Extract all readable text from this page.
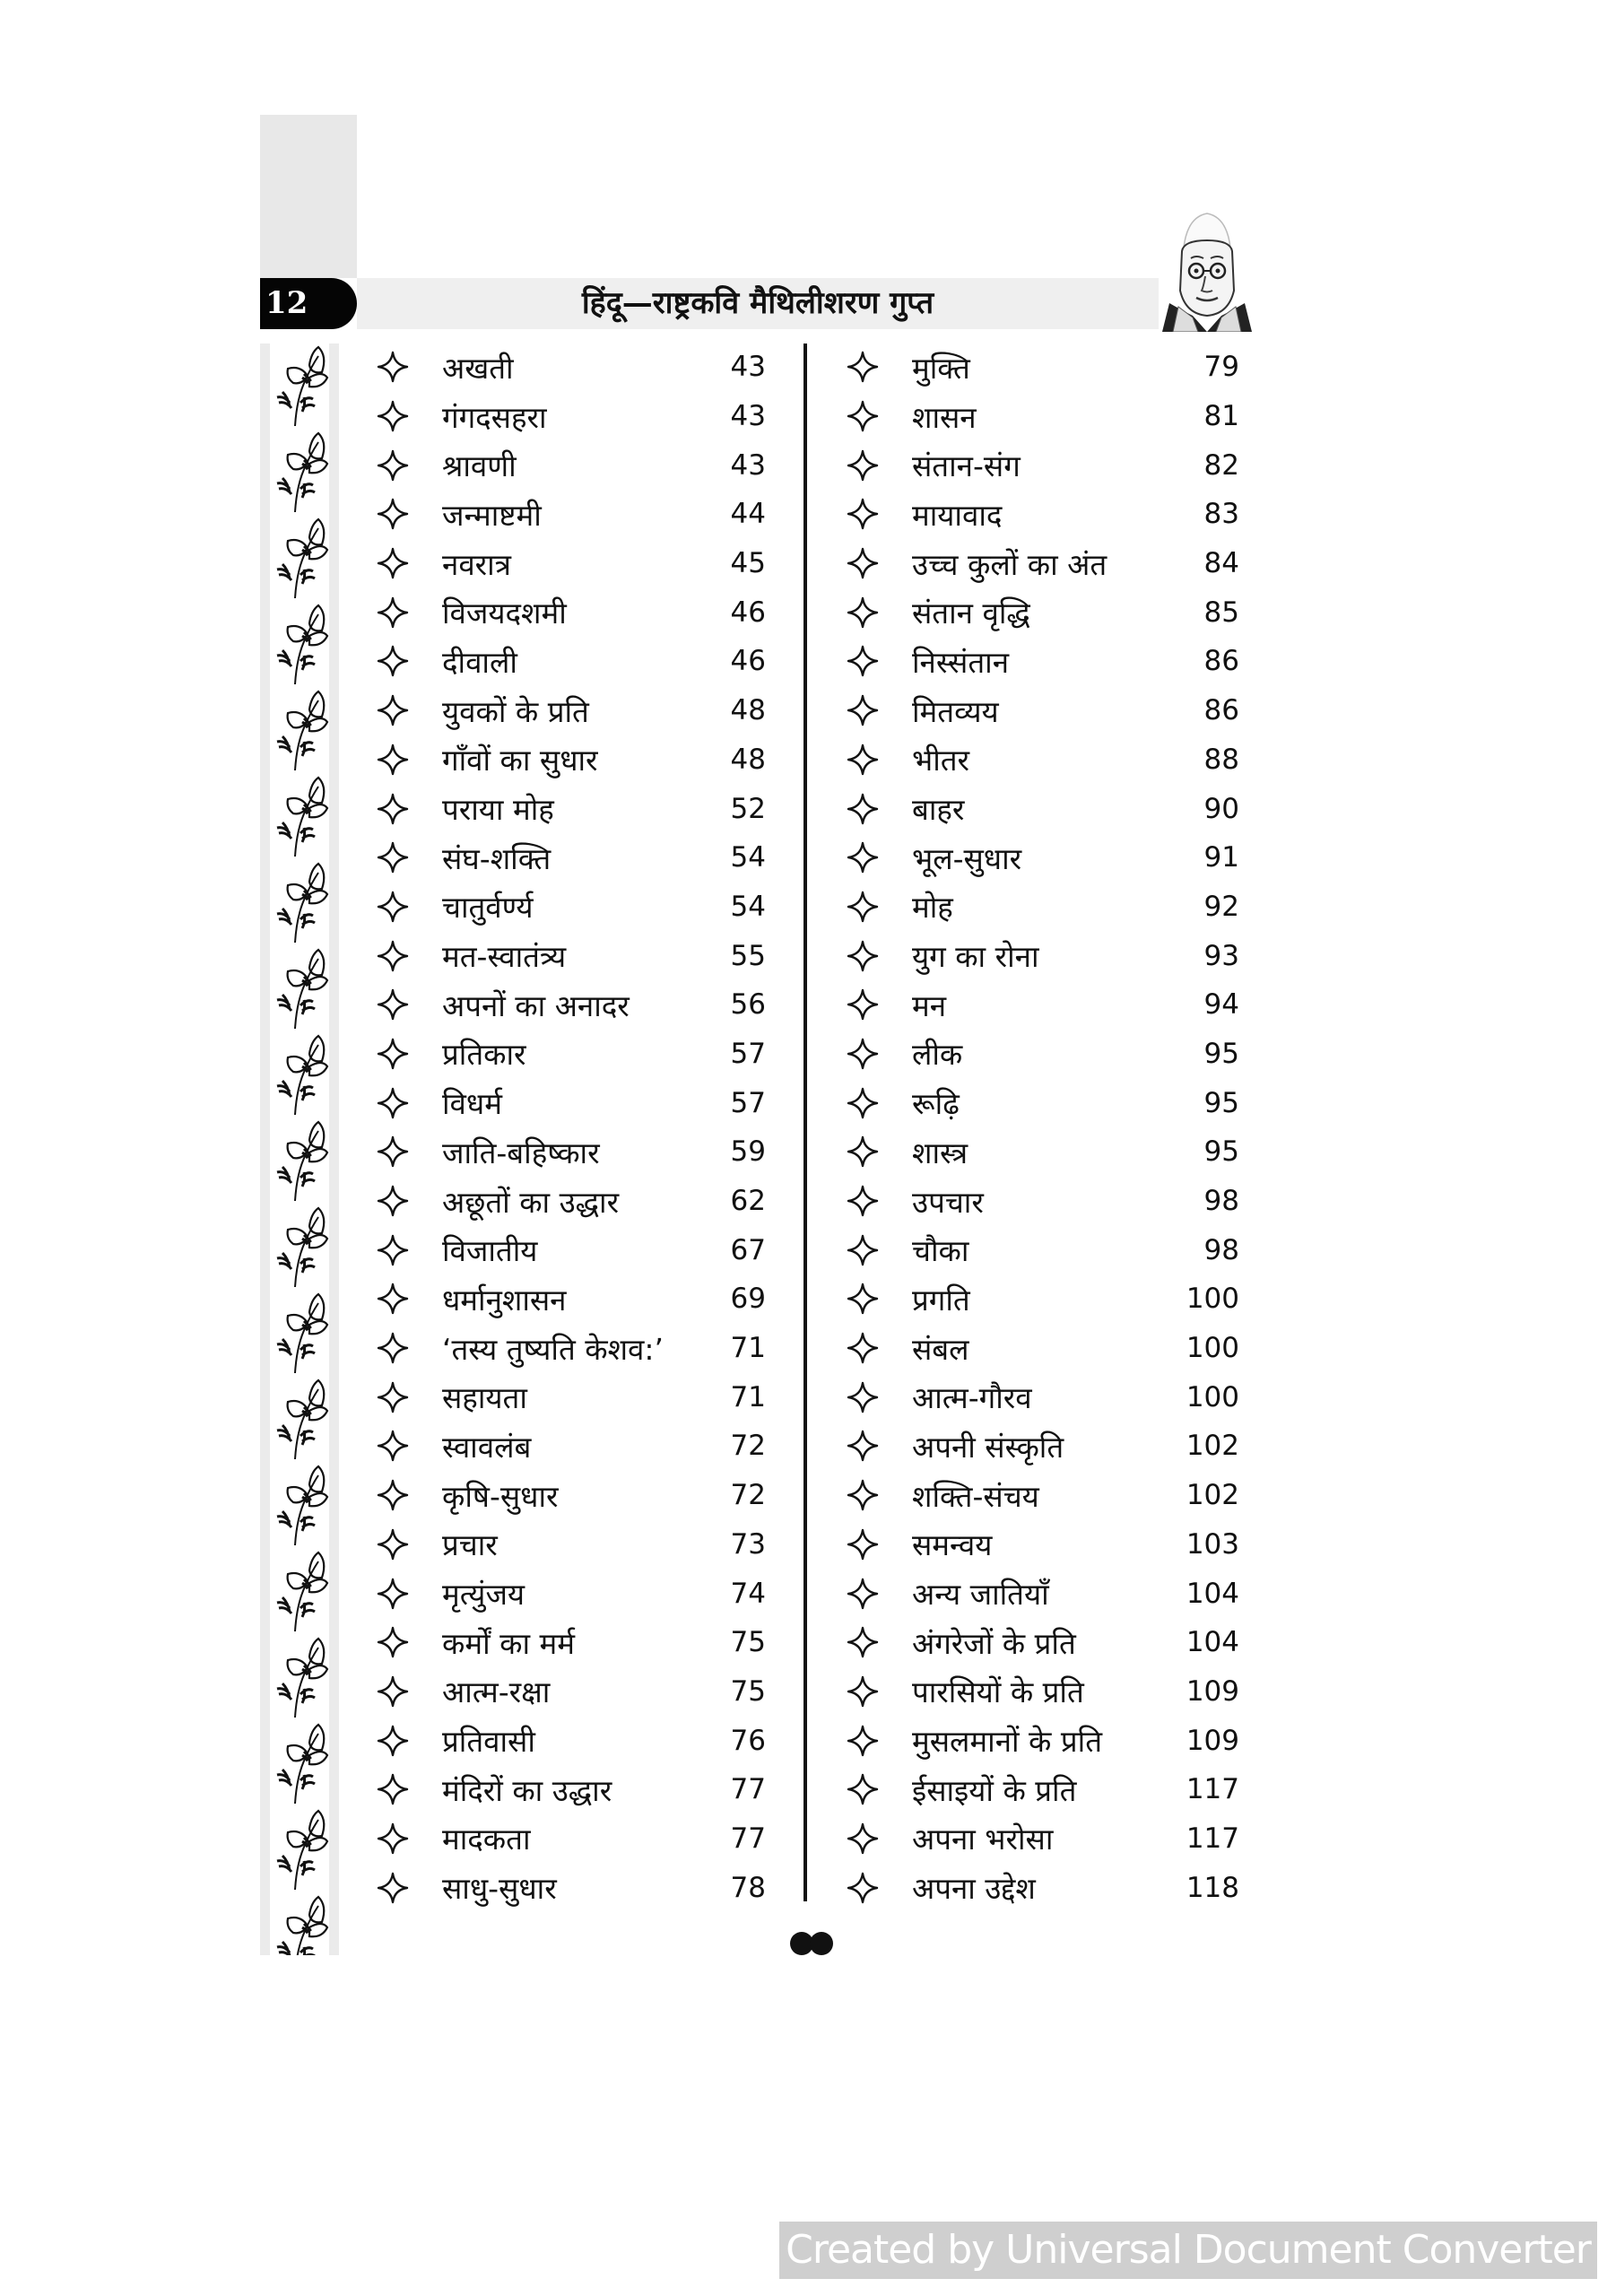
12	हिंदू—राष्ट्रकवि मैथिलीशरण गुप्त
अखती	43
गंगदसहरा	43
श्रावणी	43
जन्माष्टमी	44
नवरात्र	45
विजयदशमी	46
दीवाली	46
युवकों के प्रति	48
गाँवों का सुधार	48
पराया मोह	52
संघ-शक्ति	54
चातुर्वर्ण्य	54
मत-स्वातंत्र्य	55
अपनों का अनादर	56
प्रतिकार	57
विधर्म	57
जाति-बहिष्कार	59
अछूतों का उद्धार	62
विजातीय	67
धर्मानुशासन	69
‘तस्य तुष्यति केशव:’	71
सहायता	71
स्वावलंब	72
कृषि-सुधार	72
प्रचार	73
मृत्युंजय	74
कर्मों का मर्म	75
आत्म-रक्षा	75
प्रतिवासी	76
मंदिरों का उद्धार	77
मादकता	77
साधु-सुधार	78
मुक्ति	79
शासन	81
संतान-संग	82
मायावाद	83
उच्च कुलों का अंत	84
संतान वृद्धि	85
निस्संतान	86
मितव्यय	86
भीतर	88
बाहर	90
भूल-सुधार	91
मोह	92
युग का रोना	93
मन	94
लीक	95
रूढ़ि	95
शास्त्र	95
उपचार	98
चौका	98
प्रगति	100
संबल	100
आत्म-गौरव	100
अपनी संस्कृति	102
शक्ति-संचय	102
समन्वय	103
अन्य जातियाँ	104
अंगरेजों के प्रति	104
पारसियों के प्रति	109
मुसलमानों के प्रति	109
ईसाइयों के प्रति	117
अपना भरोसा	117
अपना उद्देश	118
Created by Universal Document Converter
